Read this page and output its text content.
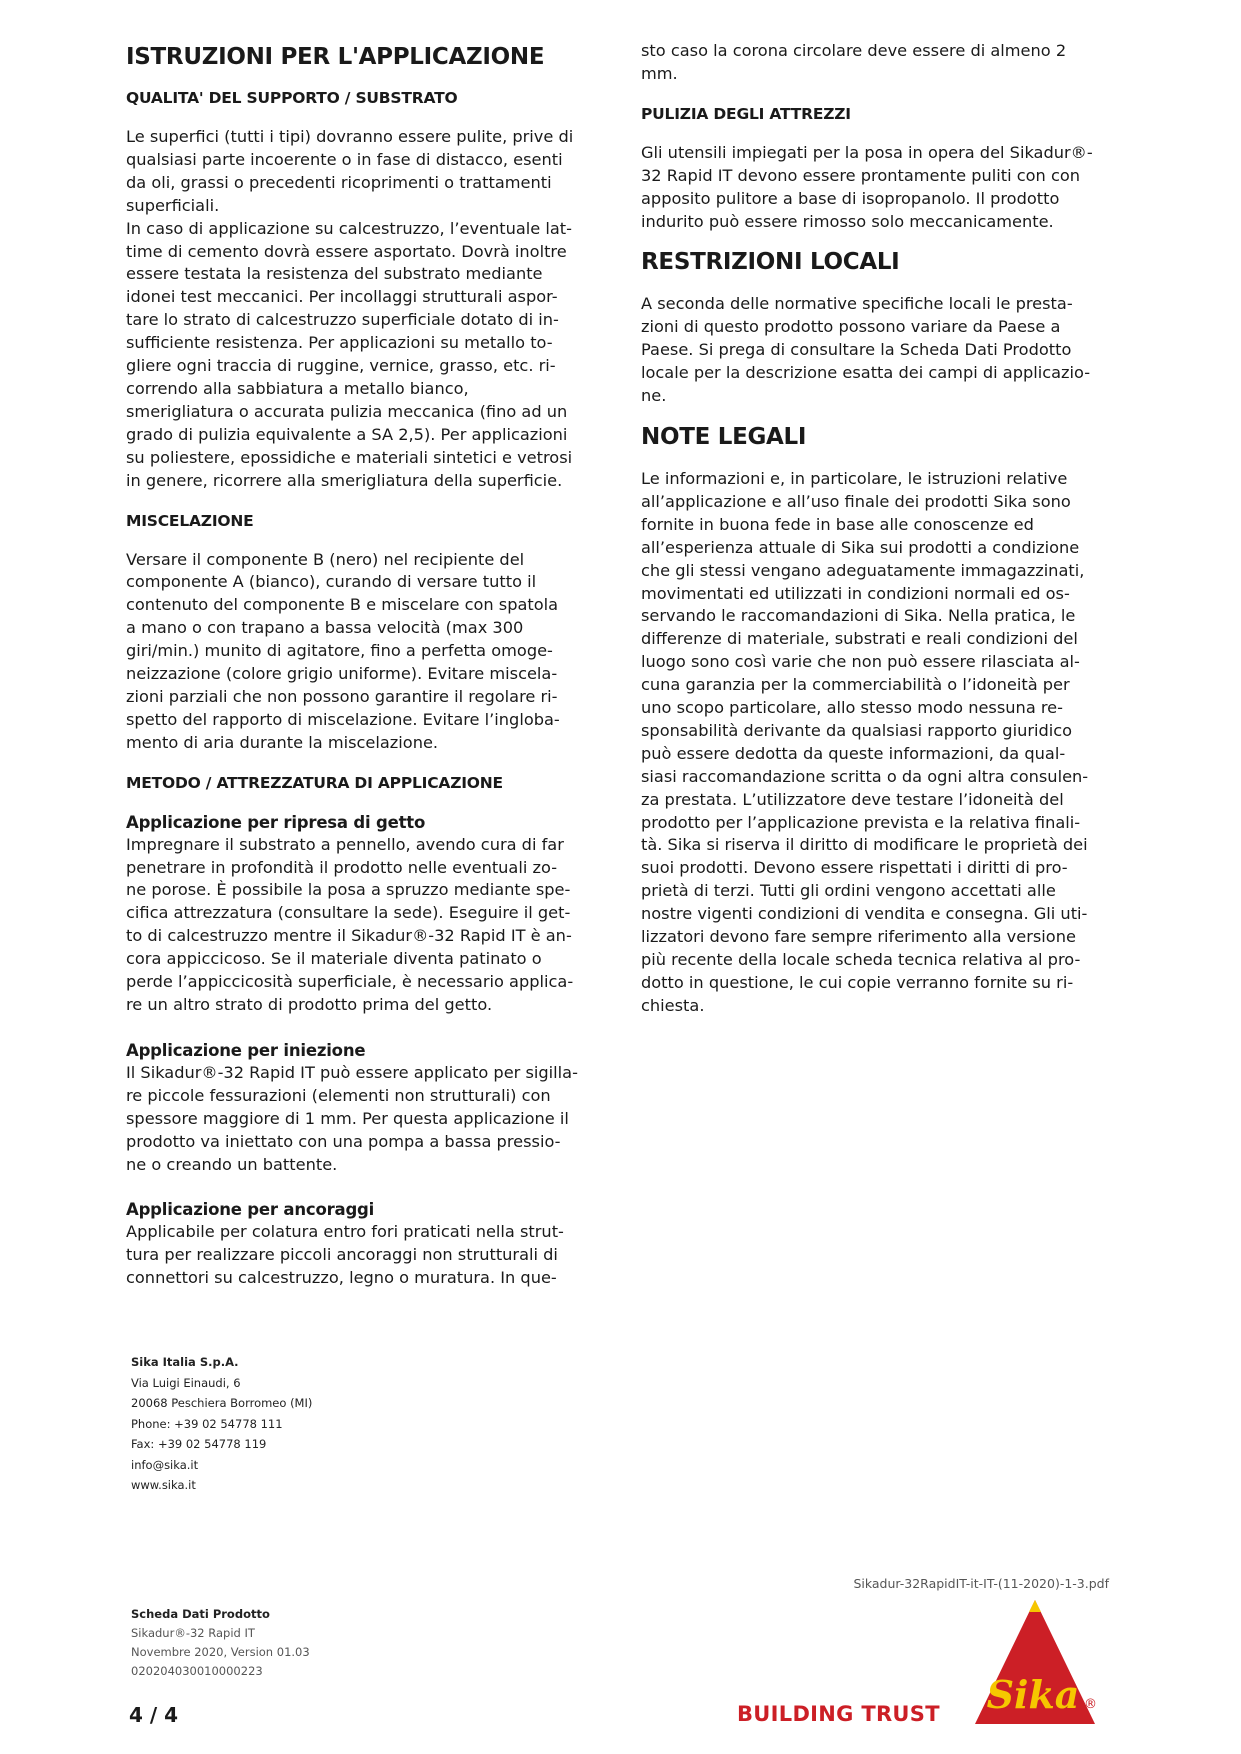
ISTRUZIONI PER L'APPLICAZIONE
QUALITA' DEL SUPPORTO / SUBSTRATO

Le superfici (tutti i tipi) dovranno essere pulite, prive di
qualsiasi parte incoerente o in fase di distacco, esenti
da oli, grassi o precedenti ricoprimenti o trattamenti
superficiali.
In caso di applicazione su calcestruzzo, l’eventuale lat-
time di cemento dovrà essere asportato. Dovrà inoltre
essere testata la resistenza del substrato mediante
idonei test meccanici. Per incollaggi strutturali aspor-
tare lo strato di calcestruzzo superficiale dotato di in-
sufficiente resistenza. Per applicazioni su metallo to-
gliere ogni traccia di ruggine, vernice, grasso, etc. ri-
correndo alla sabbiatura a metallo bianco,
smerigliatura o accurata pulizia meccanica (fino ad un
grado di pulizia equivalente a SA 2,5). Per applicazioni
su poliestere, epossidiche e materiali sintetici e vetrosi
in genere, ricorrere alla smerigliatura della superficie.

MISCELAZIONE

Versare il componente B (nero) nel recipiente del
componente A (bianco), curando di versare tutto il
contenuto del componente B e miscelare con spatola
a mano o con trapano a bassa velocità (max 300
giri/min.) munito di agitatore, fino a perfetta omoge-
neizzazione (colore grigio uniforme). Evitare miscela-
zioni parziali che non possono garantire il regolare ri-
spetto del rapporto di miscelazione. Evitare l’ingloba-
mento di aria durante la miscelazione.

METODO / ATTREZZATURA DI APPLICAZIONE
Applicazione per ripresa di getto

Impregnare il substrato a pennello, avendo cura di far
penetrare in profondità il prodotto nelle eventuali zo-
ne porose. È possibile la posa a spruzzo mediante spe-
cifica attrezzatura (consultare la sede). Eseguire il get-
to di calcestruzzo mentre il Sikadur®-32 Rapid IT è an-
cora appiccicoso. Se il materiale diventa patinato o
perde l’appiccicosità superficiale, è necessario applica-
re un altro strato di prodotto prima del getto.

Applicazione per iniezione

Il Sikadur®-32 Rapid IT può essere applicato per sigilla-
re piccole fessurazioni (elementi non strutturali) con
spessore maggiore di 1 mm. Per questa applicazione il
prodotto va iniettato con una pompa a bassa pressio-
ne o creando un battente.

Applicazione per ancoraggi

Applicabile per colatura entro fori praticati nella strut-
tura per realizzare piccoli ancoraggi non strutturali di
connettori su calcestruzzo, legno o muratura. In que-

sto caso la corona circolare deve essere di almeno 2
mm.

PULIZIA DEGLI ATTREZZI

Gli utensili impiegati per la posa in opera del Sikadur®-
32 Rapid IT devono essere prontamente puliti con con
apposito pulitore a base di isopropanolo. Il prodotto
indurito può essere rimosso solo meccanicamente.

RESTRIZIONI LOCALI

A seconda delle normative specifiche locali le presta-
zioni di questo prodotto possono variare da Paese a
Paese. Si prega di consultare la Scheda Dati Prodotto
locale per la descrizione esatta dei campi di applicazio-
ne.

NOTE LEGALI

Le informazioni e, in particolare, le istruzioni relative
all’applicazione e all’uso finale dei prodotti Sika sono
fornite in buona fede in base alle conoscenze ed
all’esperienza attuale di Sika sui prodotti a condizione
che gli stessi vengano adeguatamente immagazzinati,
movimentati ed utilizzati in condizioni normali ed os-
servando le raccomandazioni di Sika. Nella pratica, le
differenze di materiale, substrati e reali condizioni del
luogo sono così varie che non può essere rilasciata al-
cuna garanzia per la commerciabilità o l’idoneità per
uno scopo particolare, allo stesso modo nessuna re-
sponsabilità derivante da qualsiasi rapporto giuridico
può essere dedotta da queste informazioni, da qual-
siasi raccomandazione scritta o da ogni altra consulen-
za prestata. L’utilizzatore deve testare l’idoneità del
prodotto per l’applicazione prevista e la relativa finali-
tà. Sika si riserva il diritto di modificare le proprietà dei
suoi prodotti. Devono essere rispettati i diritti di pro-
prietà di terzi. Tutti gli ordini vengono accettati alle
nostre vigenti condizioni di vendita e consegna. Gli uti-
lizzatori devono fare sempre riferimento alla versione
più recente della locale scheda tecnica relativa al pro-
dotto in questione, le cui copie verranno fornite su ri-
chiesta.

Sika Italia S.p.A.
Via Luigi Einaudi, 6
20068 Peschiera Borromeo (MI)
Phone: +39 02 54778 111
Fax: +39 02 54778 119
info@sika.it
www.sika.it
Sikadur-32RapidIT-it-IT-(11-2020)-1-3.pdf
Scheda Dati Prodotto
Sikadur®-32 Rapid IT
Novembre 2020, Version 01.03
020204030010000223
4 / 4	BUILDING TRUST Sika ®
